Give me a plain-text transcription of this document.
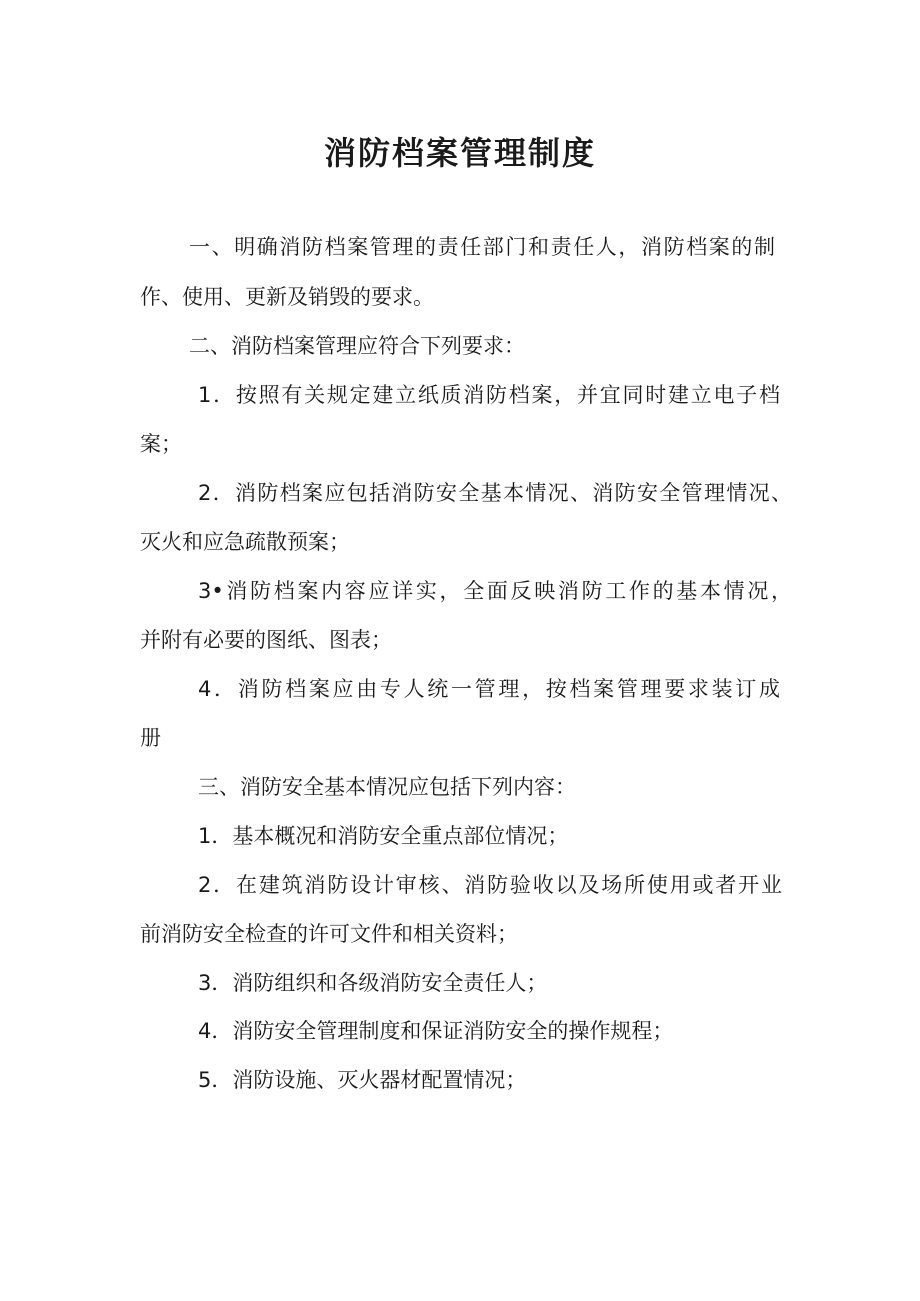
消防档案管理制度

一、明确消防档案管理的责任部门和责任人，消防档案的制

作、使用、更新及销毁的要求。

二、消防档案管理应符合下列要求：

1．按照有关规定建立纸质消防档案，并宜同时建立电子档

案；

2．消防档案应包括消防安全基本情况、消防安全管理情况、

灭火和应急疏散预案；

3•消防档案内容应详实，全面反映消防工作的基本情况，

并附有必要的图纸、图表；

4．消防档案应由专人统一管理，按档案管理要求装订成

册

三、消防安全基本情况应包括下列内容：

1．基本概况和消防安全重点部位情况；

2．在建筑消防设计审核、消防验收以及场所使用或者开业

前消防安全检查的许可文件和相关资料；

3．消防组织和各级消防安全责任人；

4．消防安全管理制度和保证消防安全的操作规程；

5．消防设施、灭火器材配置情况；
